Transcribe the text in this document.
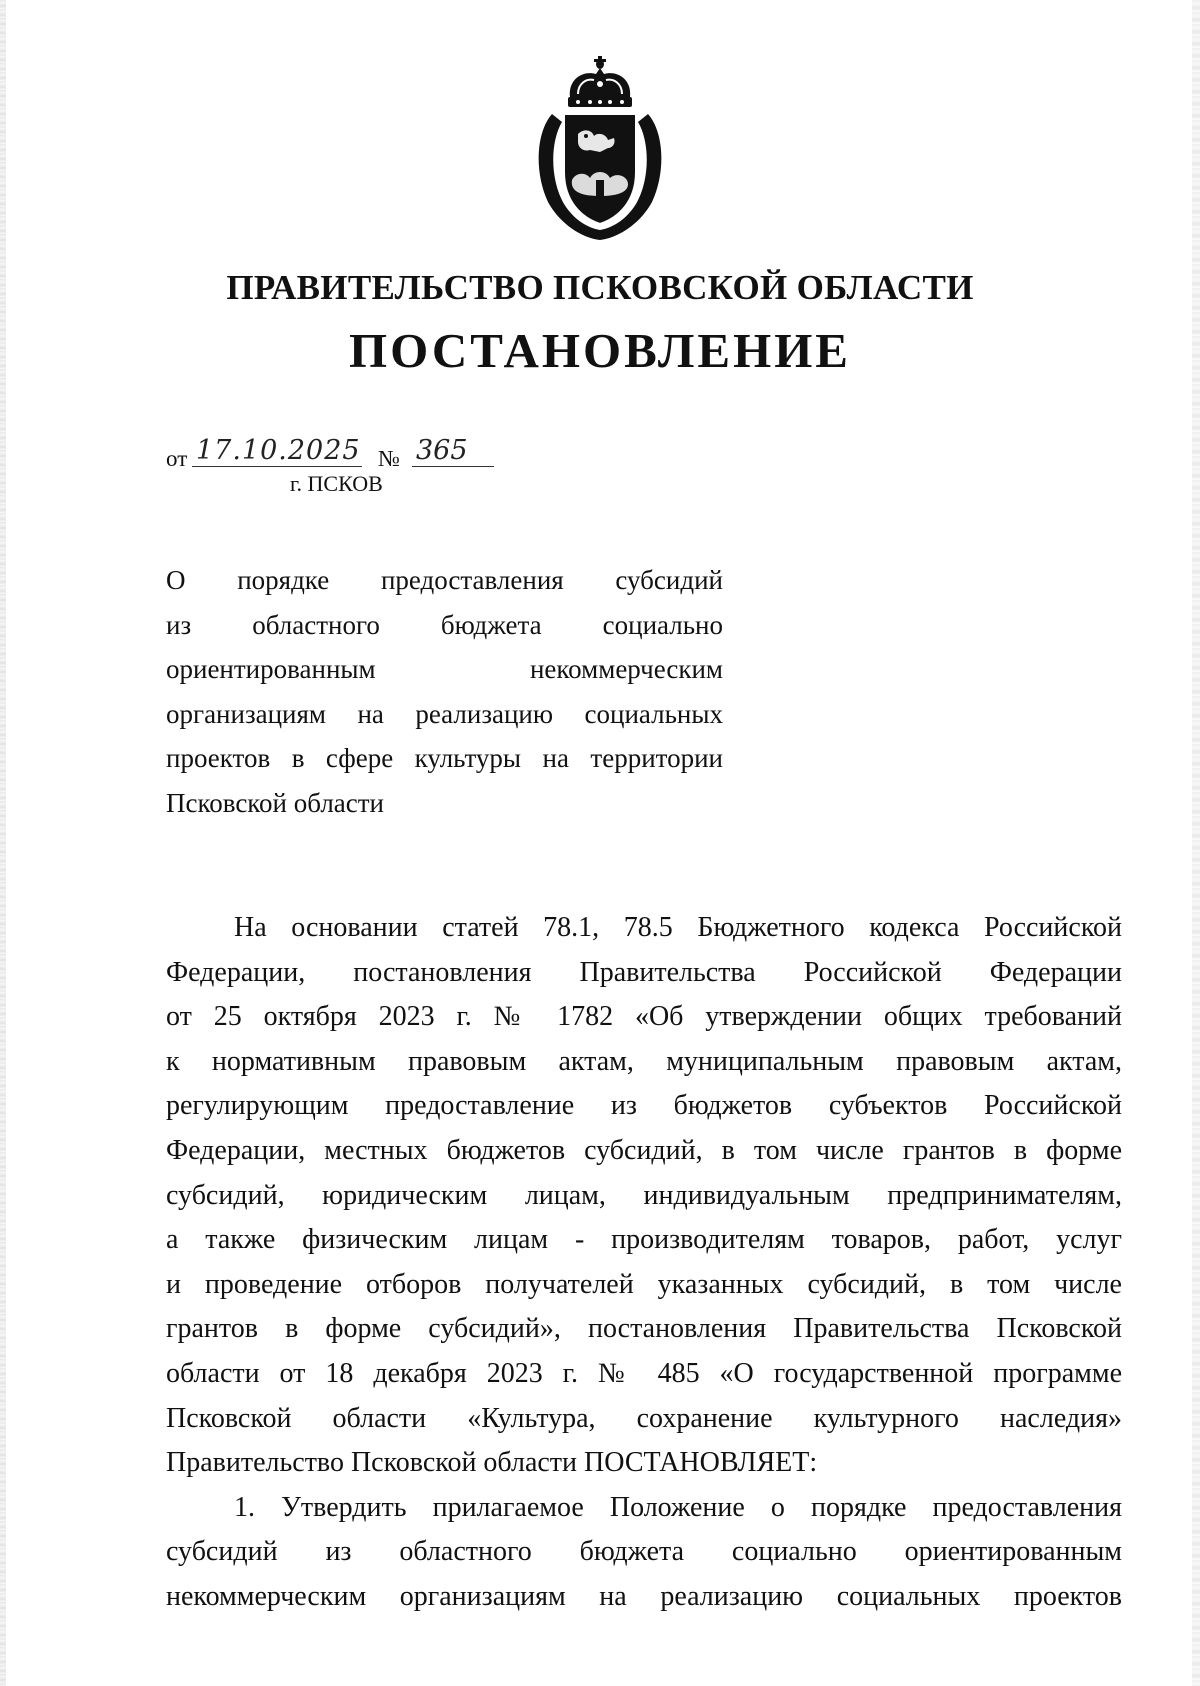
ПРАВИТЕЛЬСТВО ПСКОВСКОЙ ОБЛАСТИ
ПОСТАНОВЛЕНИЕ
от 17.10.2025 № 365
г. ПСКОВ
О порядке предоставления субсидий
из областного бюджета социально
ориентированным некоммерческим
организациям на реализацию социальных
проектов в сфере культуры на территории
Псковской области
На основании статей 78.1, 78.5 Бюджетного кодекса Российской
Федерации, постановления Правительства Российской Федерации
от 25 октября 2023 г. № 1782 «Об утверждении общих требований
к нормативным правовым актам, муниципальным правовым актам,
регулирующим предоставление из бюджетов субъектов Российской
Федерации, местных бюджетов субсидий, в том числе грантов в форме
субсидий, юридическим лицам, индивидуальным предпринимателям,
а также физическим лицам - производителям товаров, работ, услуг
и проведение отборов получателей указанных субсидий, в том числе
грантов в форме субсидий», постановления Правительства Псковской
области от 18 декабря 2023 г. № 485 «О государственной программе
Псковской области «Культура, сохранение культурного наследия»
Правительство Псковской области ПОСТАНОВЛЯЕТ:
1. Утвердить прилагаемое Положение о порядке предоставления
субсидий из областного бюджета социально ориентированным
некоммерческим организациям на реализацию социальных проектов
